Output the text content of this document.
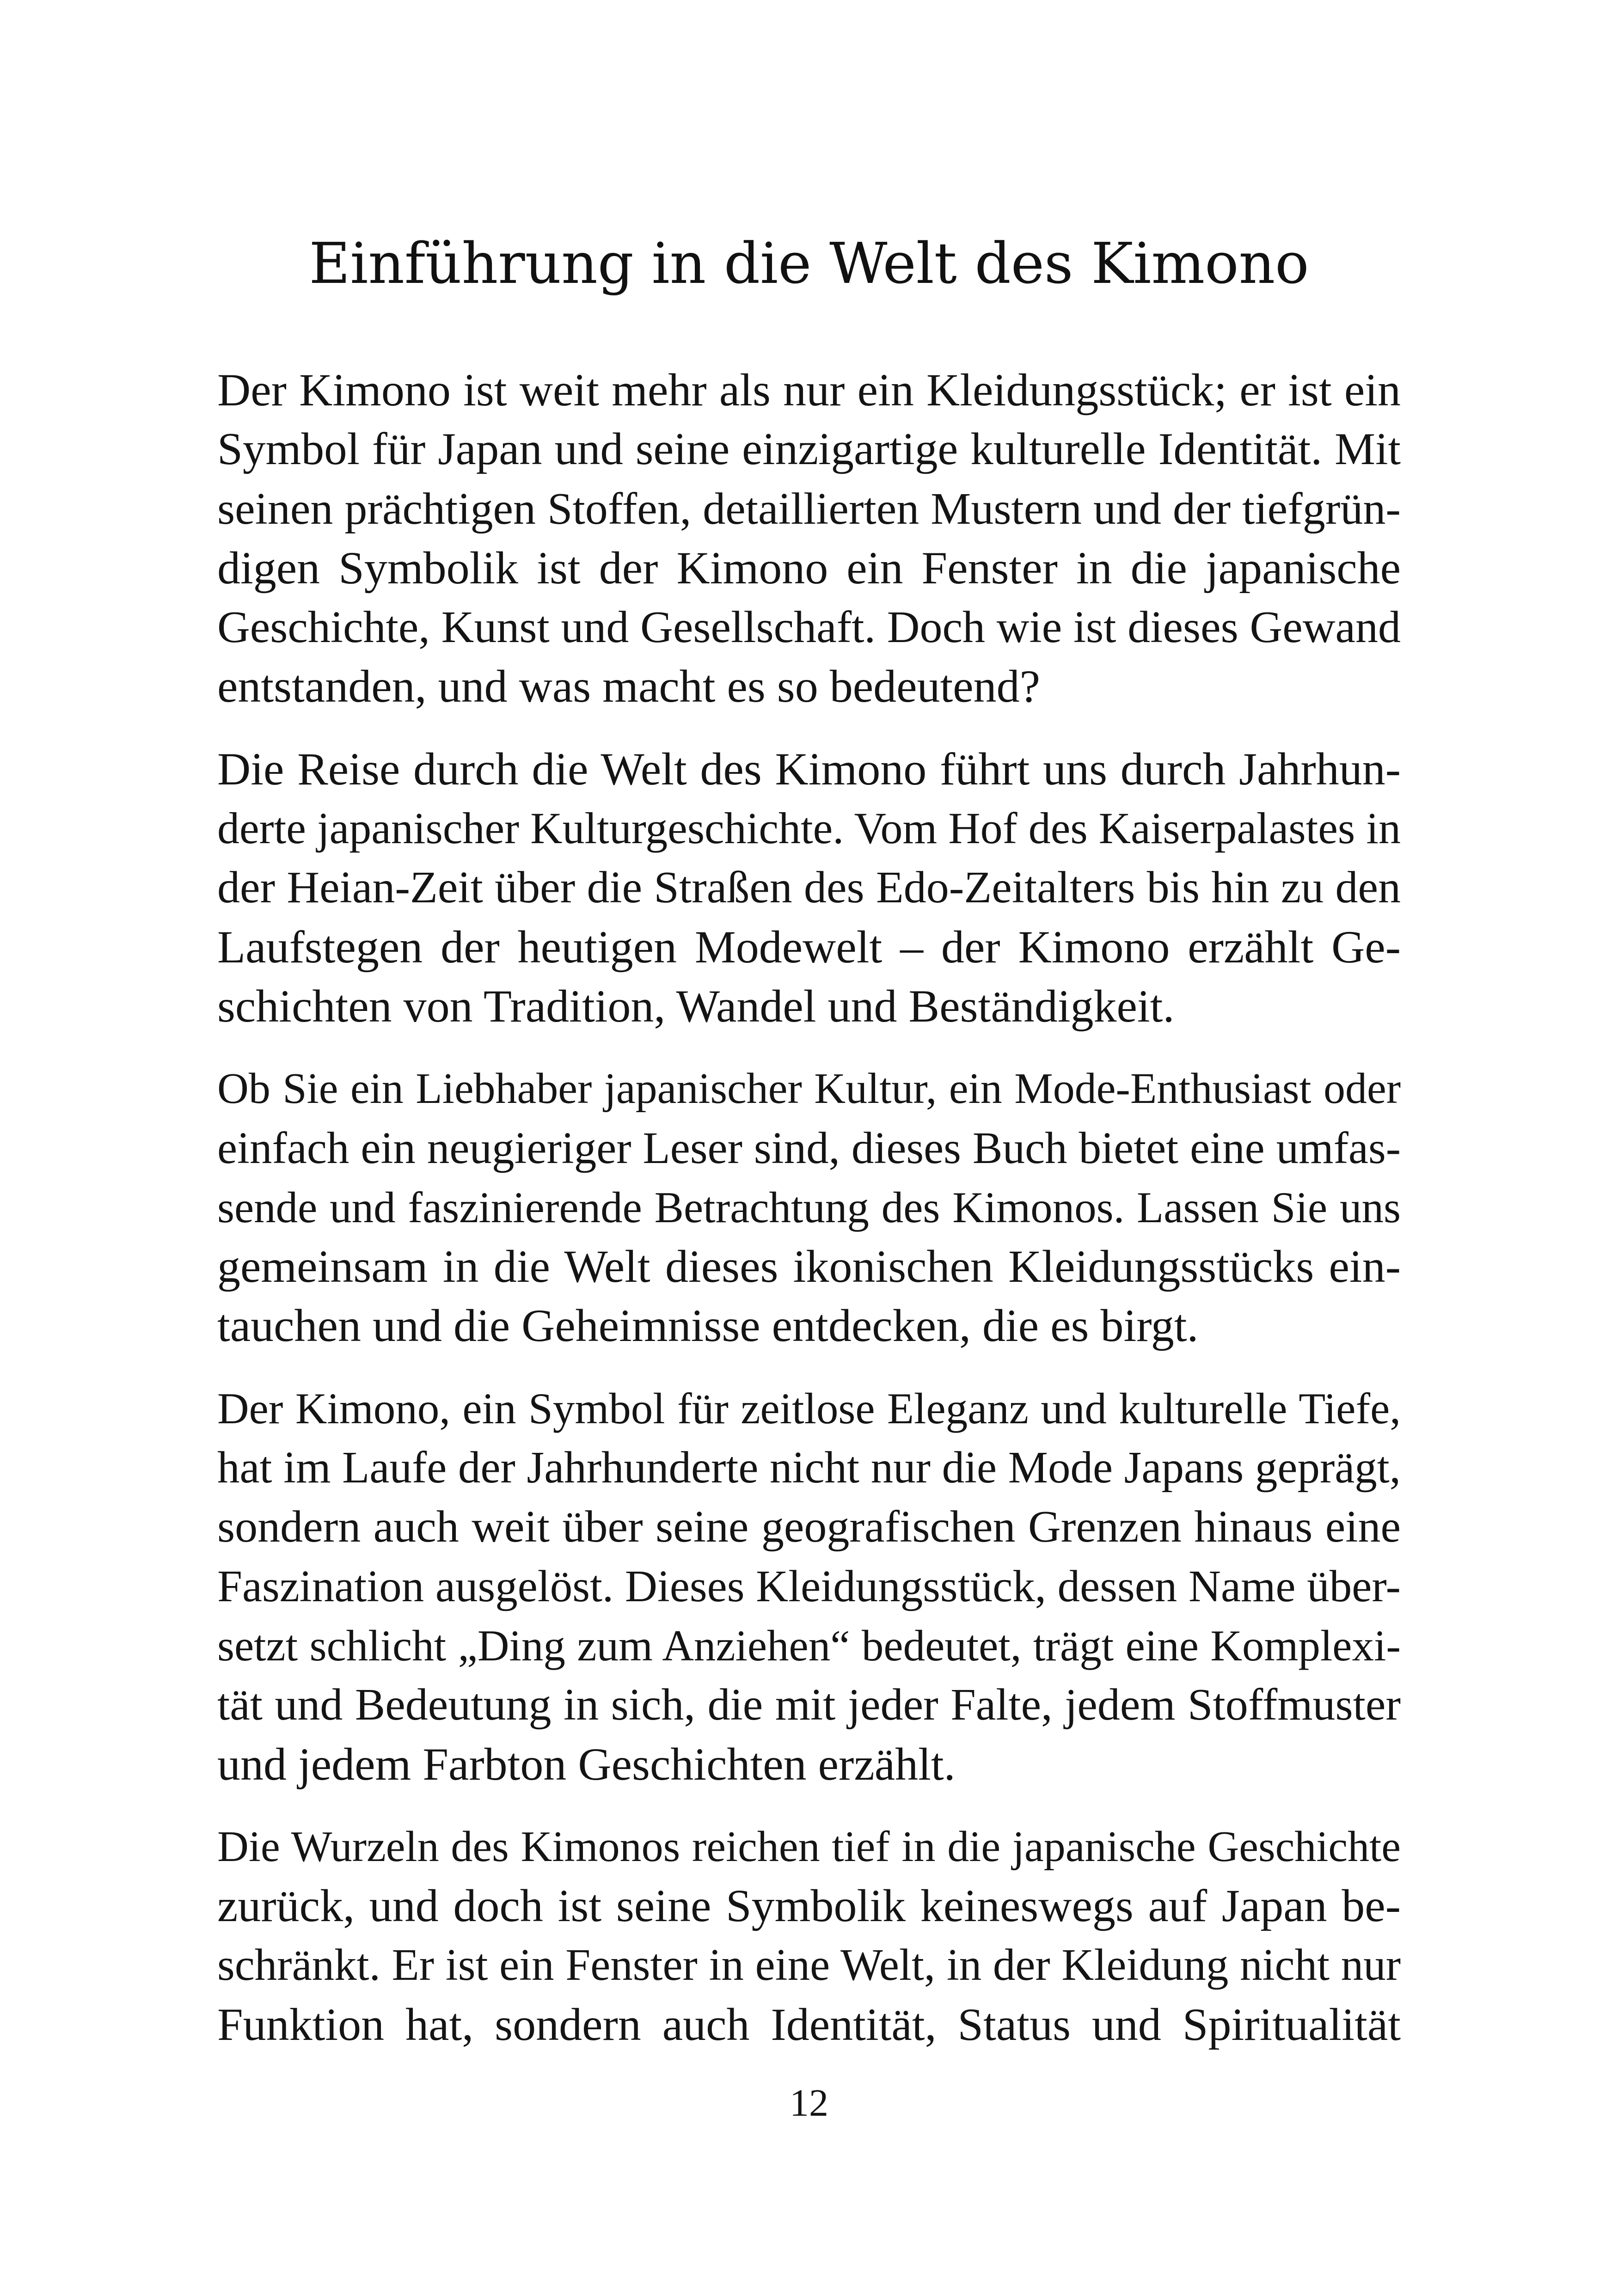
Einführung in die Welt des Kimono

Der Kimono ist weit mehr als nur ein Kleidungsstück; er ist ein
Symbol für Japan und seine einzigartige kulturelle Identität. Mit
seinen prächtigen Stoffen, detaillierten Mustern und der tiefgrün-
digen Symbolik ist der Kimono ein Fenster in die japanische
Geschichte, Kunst und Gesellschaft. Doch wie ist dieses Gewand
entstanden, und was macht es so bedeutend?

Die Reise durch die Welt des Kimono führt uns durch Jahrhun-
derte japanischer Kulturgeschichte. Vom Hof des Kaiserpalastes in
der Heian-Zeit über die Straßen des Edo-Zeitalters bis hin zu den
Laufstegen der heutigen Modewelt – der Kimono erzählt Ge-
schichten von Tradition, Wandel und Beständigkeit.

Ob Sie ein Liebhaber japanischer Kultur, ein Mode-Enthusiast oder
einfach ein neugieriger Leser sind, dieses Buch bietet eine umfas-
sende und faszinierende Betrachtung des Kimonos. Lassen Sie uns
gemeinsam in die Welt dieses ikonischen Kleidungsstücks ein-
tauchen und die Geheimnisse entdecken, die es birgt.

Der Kimono, ein Symbol für zeitlose Eleganz und kulturelle Tiefe,
hat im Laufe der Jahrhunderte nicht nur die Mode Japans geprägt,
sondern auch weit über seine geografischen Grenzen hinaus eine
Faszination ausgelöst. Dieses Kleidungsstück, dessen Name über-
setzt schlicht „Ding zum Anziehen“ bedeutet, trägt eine Komplexi-
tät und Bedeutung in sich, die mit jeder Falte, jedem Stoffmuster
und jedem Farbton Geschichten erzählt.

Die Wurzeln des Kimonos reichen tief in die japanische Geschichte
zurück, und doch ist seine Symbolik keineswegs auf Japan be-
schränkt. Er ist ein Fenster in eine Welt, in der Kleidung nicht nur
Funktion hat, sondern auch Identität, Status und Spiritualität

12
